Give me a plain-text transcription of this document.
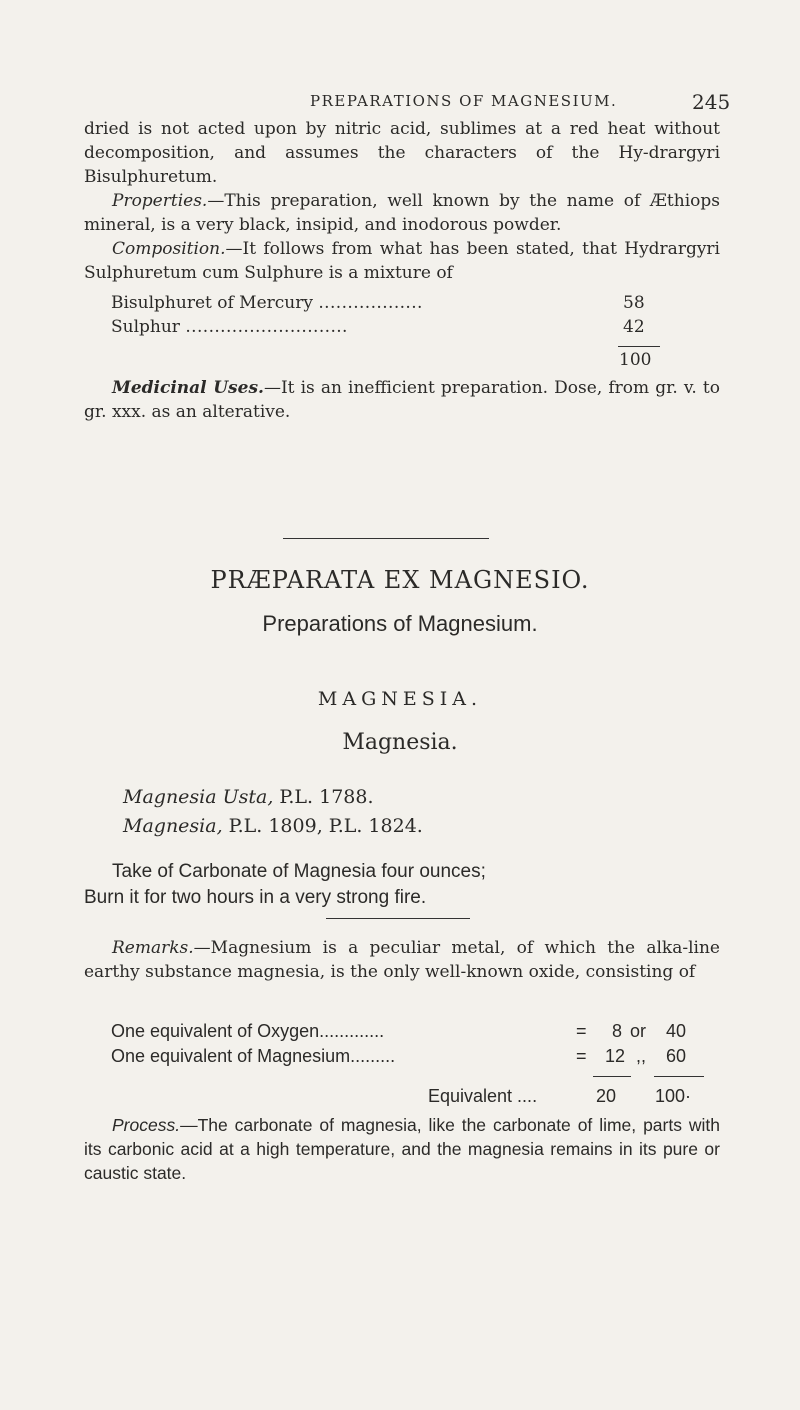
PREPARATIONS OF MAGNESIUM.	245
dried is not acted upon by nitric acid, sublimes at a red heat without decomposition, and assumes the characters of the Hy-drargyri Bisulphuretum.
Properties.—This preparation, well known by the name of Æthiops mineral, is a very black, insipid, and inodorous powder.
Composition.—It follows from what has been stated, that Hydrargyri Sulphuretum cum Sulphure is a mixture of
Bisulphuret of Mercury ..................	58
Sulphur ............................	42
100
Medicinal Uses.—It is an inefficient preparation. Dose, from gr. v. to gr. xxx. as an alterative.
PRÆPARATA EX MAGNESIO.
Preparations of Magnesium.
MAGNESIA.
Magnesia.
Magnesia Usta, P.L. 1788.
Magnesia, P.L. 1809, P.L. 1824.
Take of Carbonate of Magnesia four ounces;
Burn it for two hours in a very strong fire.
Remarks.—Magnesium is a peculiar metal, of which the alka-line earthy substance magnesia, is the only well-known oxide, consisting of
One equivalent of Oxygen.............	= 8 or 40
One equivalent of Magnesium.........	= 12 ,, 60
Equivalent ....	20 100·
Process.—The carbonate of magnesia, like the carbonate of lime, parts with its carbonic acid at a high temperature, and the magnesia remains in its pure or caustic state.
